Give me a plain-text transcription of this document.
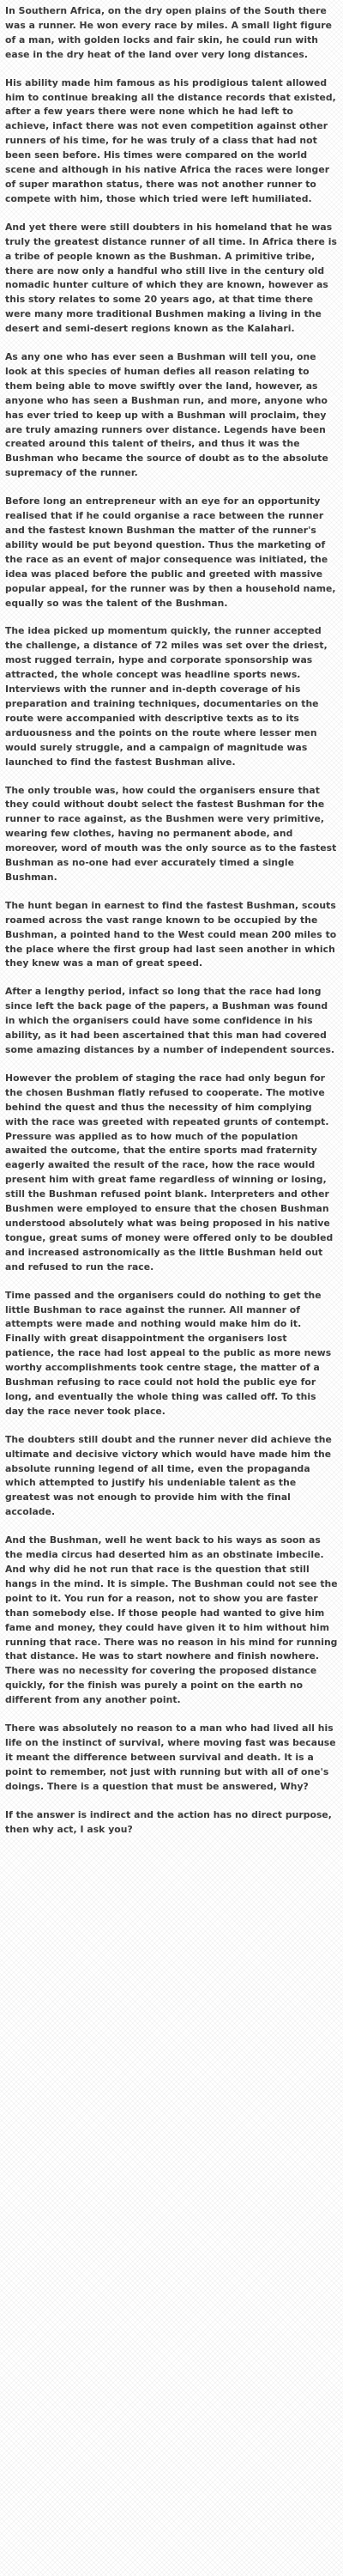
In Southern Africa, on the dry open plains of the South there was a runner. He won every race by miles. A small light figure of a man, with golden locks and fair skin, he could run with ease in the dry heat of the land over very long distances.

His ability made him famous as his prodigious talent allowed him to continue breaking all the distance records that existed, after a few years there were none which he had left to achieve, infact there was not even competition against other runners of his time, for he was truly of a class that had not been seen before. His times were compared on the world scene and although in his native Africa the races were longer of super marathon status, there was not another runner to compete with him, those which tried were left humiliated.

And yet there were still doubters in his homeland that he was truly the greatest distance runner of all time. In Africa there is a tribe of people known as the Bushman. A primitive tribe, there are now only a handful who still live in the century old nomadic hunter culture of which they are known, however as this story relates to some 20 years ago, at that time there were many more traditional Bushmen making a living in the desert and semi-desert regions known as the Kalahari.

As any one who has ever seen a Bushman will tell you, one look at this species of human defies all reason relating to them being able to move swiftly over the land, however, as anyone who has seen a Bushman run, and more, anyone who has ever tried to keep up with a Bushman will proclaim, they are truly amazing runners over distance. Legends have been created around this talent of theirs, and thus it was the Bushman who became the source of doubt as to the absolute supremacy of the runner.

Before long an entrepreneur with an eye for an opportunity realised that if he could organise a race between the runner and the fastest known Bushman the matter of the runner's ability would be put beyond question. Thus the marketing of the race as an event of major consequence was initiated, the idea was placed before the public and greeted with massive popular appeal, for the runner was by then a household name, equally so was the talent of the Bushman.

The idea picked up momentum quickly, the runner accepted the challenge, a distance of 72 miles was set over the driest, most rugged terrain, hype and corporate sponsorship was attracted, the whole concept was headline sports news. Interviews with the runner and in-depth coverage of his preparation and training techniques, documentaries on the route were accompanied with descriptive texts as to its arduousness and the points on the route where lesser men would surely struggle, and a campaign of magnitude was launched to find the fastest Bushman alive.

The only trouble was, how could the organisers ensure that they could without doubt select the fastest Bushman for the runner to race against, as the Bushmen were very primitive, wearing few clothes, having no permanent abode, and moreover, word of mouth was the only source as to the fastest Bushman as no-one had ever accurately timed a single Bushman.

The hunt began in earnest to find the fastest Bushman, scouts roamed across the vast range known to be occupied by the Bushman, a pointed hand to the West could mean 200 miles to the place where the first group had last seen another in which they knew was a man of great speed.

After a lengthy period, infact so long that the race had long since left the back page of the papers, a Bushman was found in which the organisers could have some confidence in his ability, as it had been ascertained that this man had covered some amazing distances by a number of independent sources.

However the problem of staging the race had only begun for the chosen Bushman flatly refused to cooperate. The motive behind the quest and thus the necessity of him complying with the race was greeted with repeated grunts of contempt. Pressure was applied as to how much of the population awaited the outcome, that the entire sports mad fraternity eagerly awaited the result of the race, how the race would present him with great fame regardless of winning or losing, still the Bushman refused point blank. Interpreters and other Bushmen were employed to ensure that the chosen Bushman understood absolutely what was being proposed in his native tongue, great sums of money were offered only to be doubled and increased astronomically as the little Bushman held out and refused to run the race.

Time passed and the organisers could do nothing to get the little Bushman to race against the runner. All manner of attempts were made and nothing would make him do it. Finally with great disappointment the organisers lost patience, the race had lost appeal to the public as more news worthy accomplishments took centre stage, the matter of a Bushman refusing to race could not hold the public eye for long, and eventually the whole thing was called off. To this day the race never took place.

The doubters still doubt and the runner never did achieve the ultimate and decisive victory which would have made him the absolute running legend of all time, even the propaganda which attempted to justify his undeniable talent as the greatest was not enough to provide him with the final accolade.

And the Bushman, well he went back to his ways as soon as the media circus had deserted him as an obstinate imbecile. And why did he not run that race is the question that still hangs in the mind. It is simple. The Bushman could not see the point to it. You run for a reason, not to show you are faster than somebody else. If those people had wanted to give him fame and money, they could have given it to him without him running that race. There was no reason in his mind for running that distance. He was to start nowhere and finish nowhere. There was no necessity for covering the proposed distance quickly, for the finish was purely a point on the earth no different from any another point.

There was absolutely no reason to a man who had lived all his life on the instinct of survival, where moving fast was because it meant the difference between survival and death. It is a point to remember, not just with running but with all of one's doings. There is a question that must be answered, Why?

If the answer is indirect and the action has no direct purpose, then why act, I ask you?
